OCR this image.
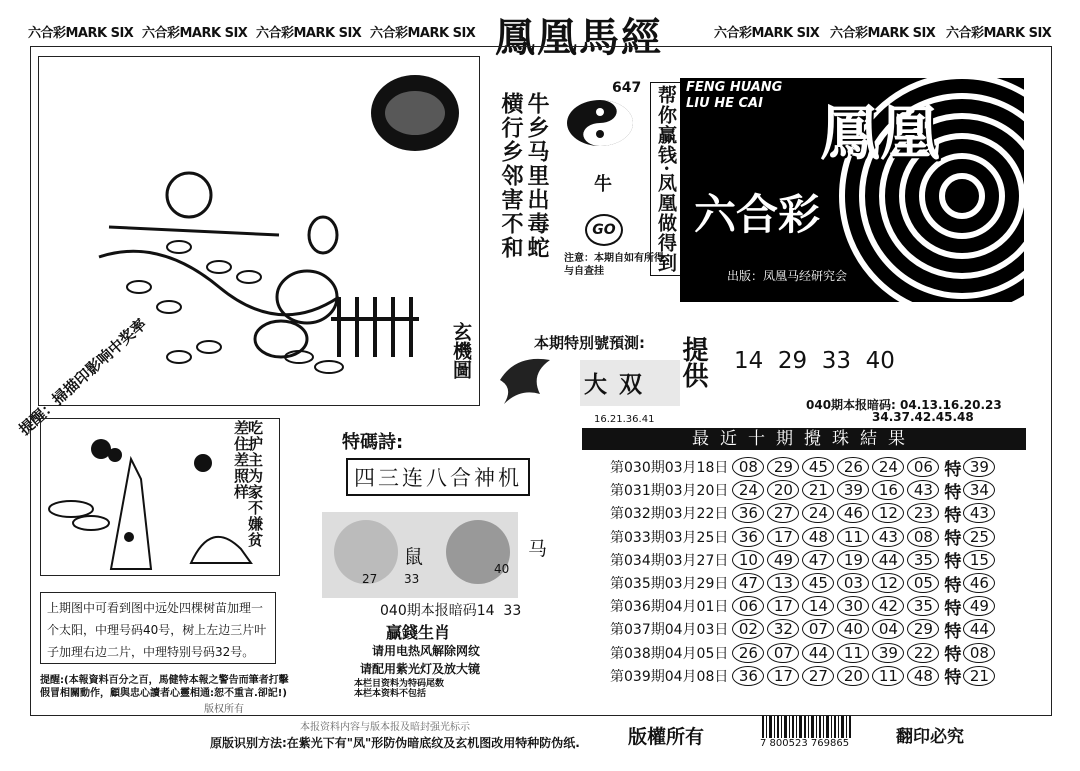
六合彩MARK SIX 六合彩MARK SIX 六合彩MARK SIX 六合彩MARK SIX 鳳凰馬經	六合彩MARK SIX 六合彩MARK SIX 六合彩MARK SIX
玄機圖
提醒：掃描印影响中奖率
牛乡马里出毒蛇
横行乡邻害不和
647
牛
GO
注意：本期自如有所得与自查挂	帮你赢钱·凤凰做得到 FENG HUANG
LIU HE CAI 鳳凰
六合彩
出版：凤凰马经研究会
本期特別號預測:
大 双 提供 14  29  33  40
16.21.36.41
040期本报暗码: 04.13.16.20.23
34.37.42.45.48
吃护主为家不嫌贫
差住差照样	特碼詩:
四三连八合神机
鼠	马
27 33
40
040期本报暗码14  33
贏錢生肖
请用电热风解除网纹
请配用紫光灯及放大镜
本栏目资料为特码尾数
本栏本资料不包括
上期图中可看到图中远处四棵树苗加理一个太阳，中理号码40号，树上左边三片叶子加理右边二片，中理特别号码32号。
提醒:(本報資料百分之百，馬健特本報之警告而筆者打擊假冒相關動作，顧與忠心讀者心靈相通:恕不重言.卻記!)
版权所有
最近十期攪珠結果
第030期03月18日 08	29	45	26	24	06 特 39
第031期03月20日 24	20	21	39	16	43 特 34
第032期03月22日 36	27	24	46	12	23 特 43
第033期03月25日 36	17	48	11	43	08 特 25
第034期03月27日 10	49	47	19	44	35 特 15
第035期03月29日 47	13	45	03	12	05 特 46
第036期04月01日 06	17	14	30	42	35 特 49
第037期04月03日 02	32	07	40	04	29 特 44
第038期04月05日 26	07	44	11	39	22 特 08
第039期04月08日 36	17	27	20	11	48 特 21
本报资料内容与版本报及暗封强光标示
原版识别方法:在紫光下有"凤"形防伪暗底纹及玄机图改用特种防伪纸.	版權所有	7 800523 769865	翻印必究
